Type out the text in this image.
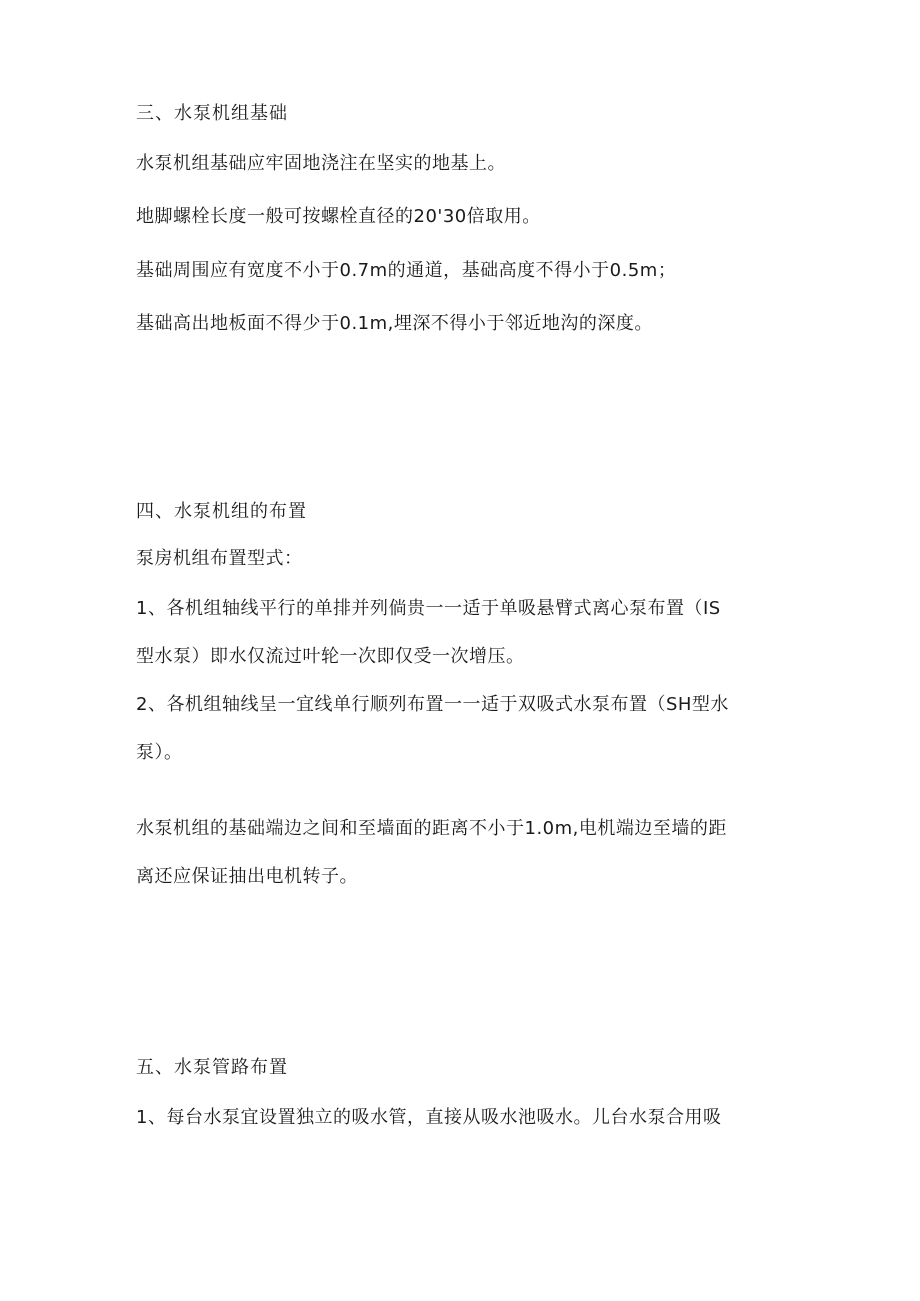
三、水泵机组基础
水泵机组基础应牢固地浇注在坚实的地基上。
地脚螺栓长度一般可按螺栓直径的20'30倍取用。
基础周围应有宽度不小于0.7m的通道，基础高度不得小于0.5m；
基础高出地板面不得少于0.1m,埋深不得小于邻近地沟的深度。
四、水泵机组的布置
泵房机组布置型式：
1、各机组轴线平行的单排并列倘贵一一适于单吸悬臂式离心泵布置（IS
型水泵）即水仅流过叶轮一次即仅受一次增压。
2、各机组轴线呈一宜线单行顺列布置一一适于双吸式水泵布置（SH型水
泵）。
水泵机组的基础端边之间和至墙面的距离不小于1.0m,电机端边至墙的距
离还应保证抽出电机转子。
五、水泵管路布置
1、每台水泵宜设置独立的吸水管，直接从吸水池吸水。儿台水泵合用吸
